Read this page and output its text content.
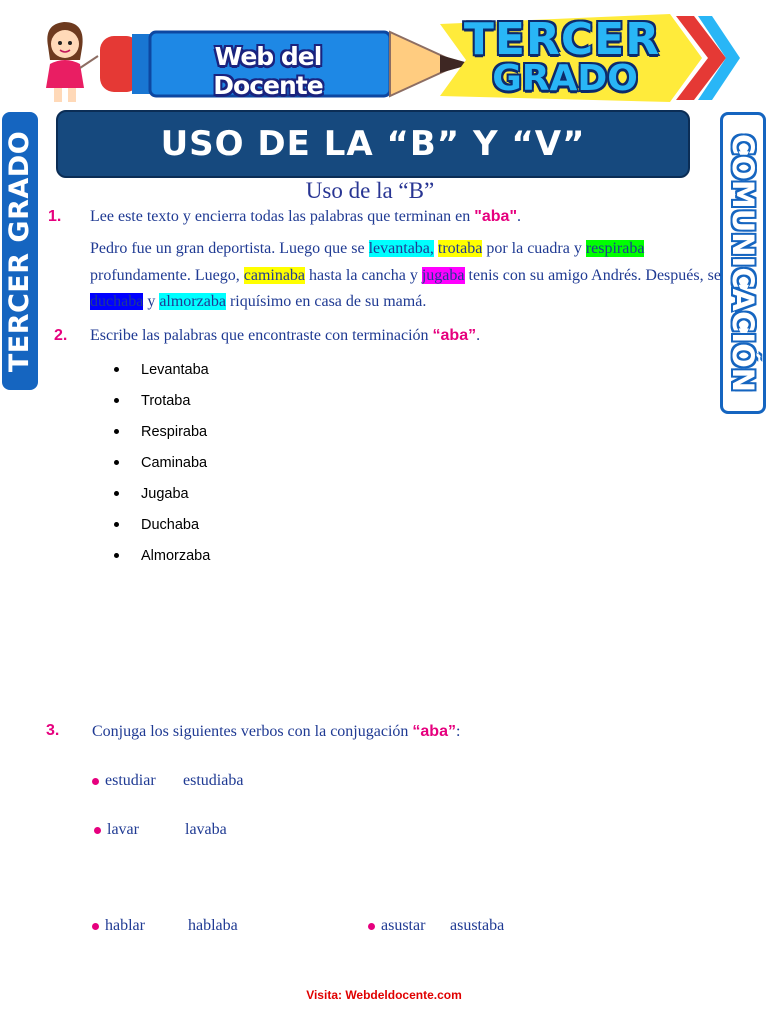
Web del Docente
TERCER
GRADO
USO DE LA “B” Y “V”
TERCER GRADO	COMUNICACIÓN
Uso de la “B”
1. Lee este texto y encierra todas las palabras que terminan en "aba".
Pedro fue un gran deportista. Luego que se levantaba, trotaba por la cuadra y respiraba profundamente. Luego, caminaba hasta la cancha y jugaba tenis con su amigo Andrés. Después, se duchaba y almorzaba riquísimo en casa de su mamá.
2. Escribe las palabras que encontraste con terminación “aba”.
Levantaba
Trotaba
Respiraba
Caminaba
Jugaba
Duchaba
Almorzaba
3. Conjuga los siguientes verbos con la conjugación “aba”:
estudiar estudiaba
lavar	lavaba
hablar	hablaba	asustar asustaba
Visita: Webdeldocente.com
